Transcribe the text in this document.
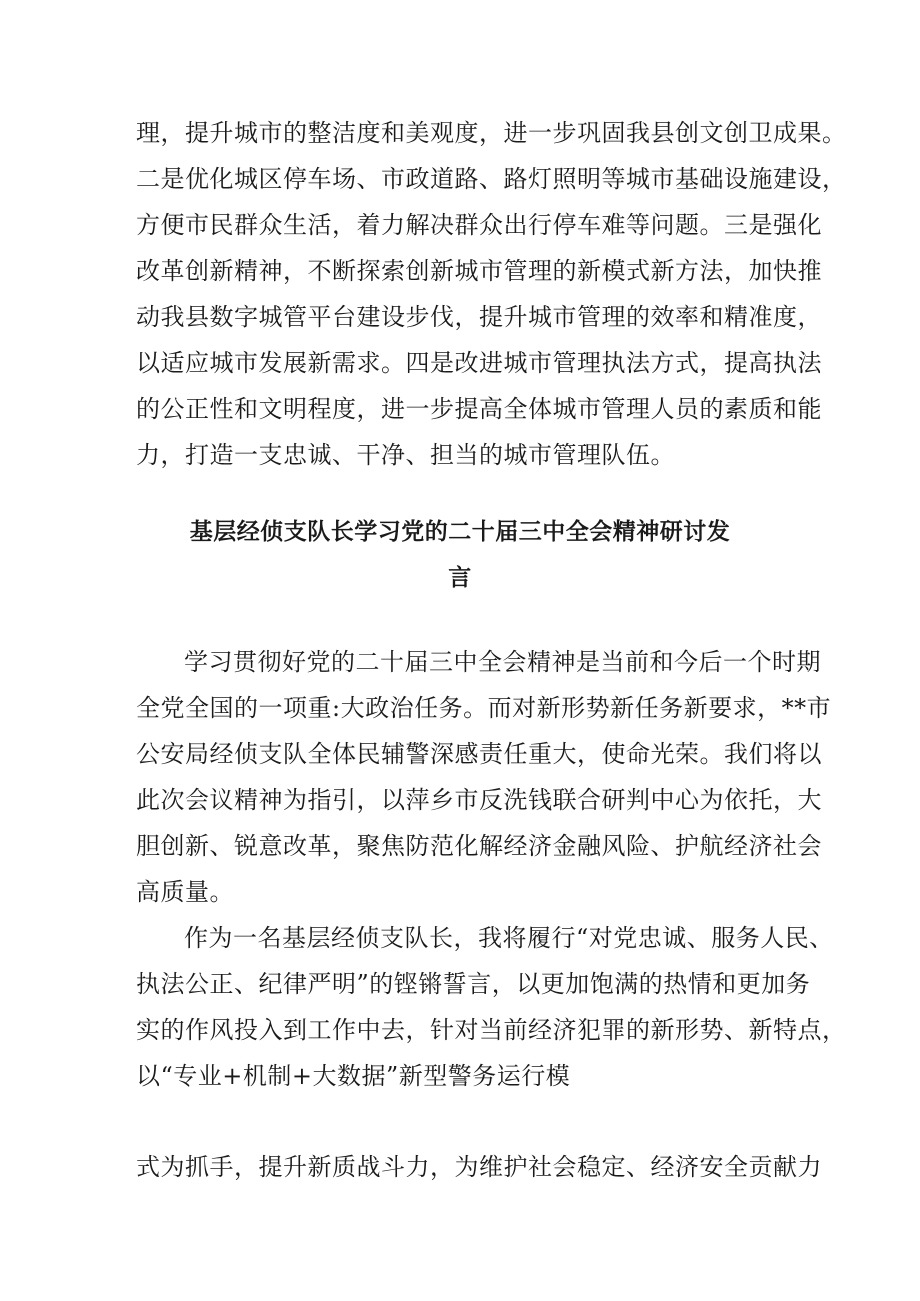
理，提升城市的整洁度和美观度，进一步巩固我县创文创卫成果。
二是优化城区停车场、市政道路、路灯照明等城市基础设施建设，
方便市民群众生活，着力解决群众出行停车难等问题。三是强化
改革创新精神，不断探索创新城市管理的新模式新方法，加快推
动我县数字城管平台建设步伐，提升城市管理的效率和精准度，
以适应城市发展新需求。四是改进城市管理执法方式，提高执法
的公正性和文明程度，进一步提高全体城市管理人员的素质和能
力，打造一支忠诚、干净、担当的城市管理队伍。
基层经侦支队长学习党的二十届三中全会精神研讨发
言
学习贯彻好党的二十届三中全会精神是当前和今后一个时期
全党全国的一项重:大政治任务。而对新形势新任务新要求，**市
公安局经侦支队全体民辅警深感责任重大，使命光荣。我们将以
此次会议精神为指引，以萍乡市反洗钱联合研判中心为依托，大
胆创新、锐意改革，聚焦防范化解经济金融风险、护航经济社会
高质量。
作为一名基层经侦支队长，我将履行“对党忠诚、服务人民、
执法公正、纪律严明”的铿锵誓言，以更加饱满的热情和更加务
实的作风投入到工作中去，针对当前经济犯罪的新形势、新特点，
以“专业+机制+大数据”新型警务运行模
式为抓手，提升新质战斗力，为维护社会稳定、经济安全贡献力
